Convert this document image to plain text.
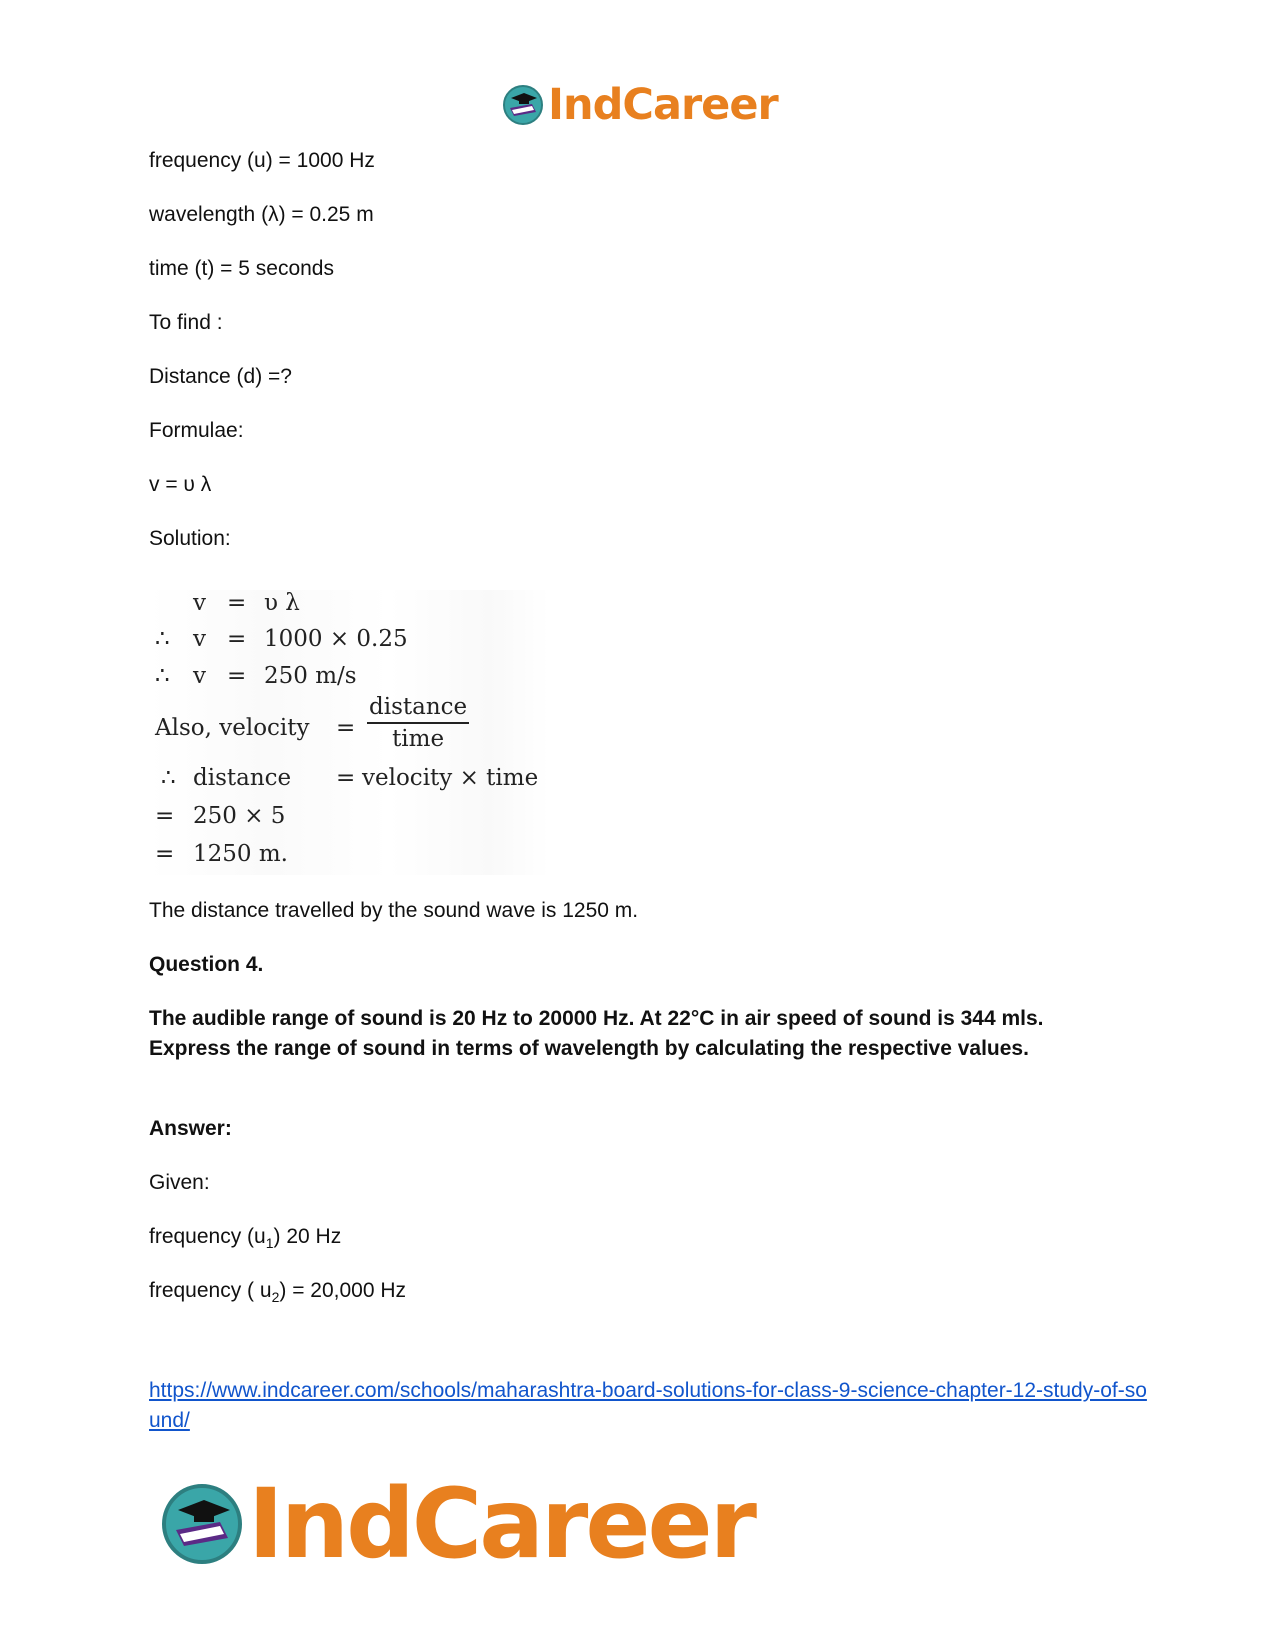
IndCareer
frequency (u) = 1000 Hz
wavelength (λ) = 0.25 m
time (t) = 5 seconds
To find :
Distance (d) =?
Formulae:
v = υ λ
Solution:
v = υ λ
∴ v = 1000 × 0.25
∴ v = 250 m/s
Also, velocity =
distance
time
∴ distance = velocity × time
= 250 × 5
= 1250 m.
The distance travelled by the sound wave is 1250 m.
Question 4.
The audible range of sound is 20 Hz to 20000 Hz. At 22°C in air speed of sound is 344 mls. Express the range of sound in terms of wavelength by calculating the respective values.
Answer:
Given:
frequency $(u_1)$ 20 Hz
frequency ( $u_2) = 20,000$ Hz
https://www.indcareer.com/schools/maharashtra-board-solutions-for-class-9-science-chapter-12-study-of-sound/
IndCareer
